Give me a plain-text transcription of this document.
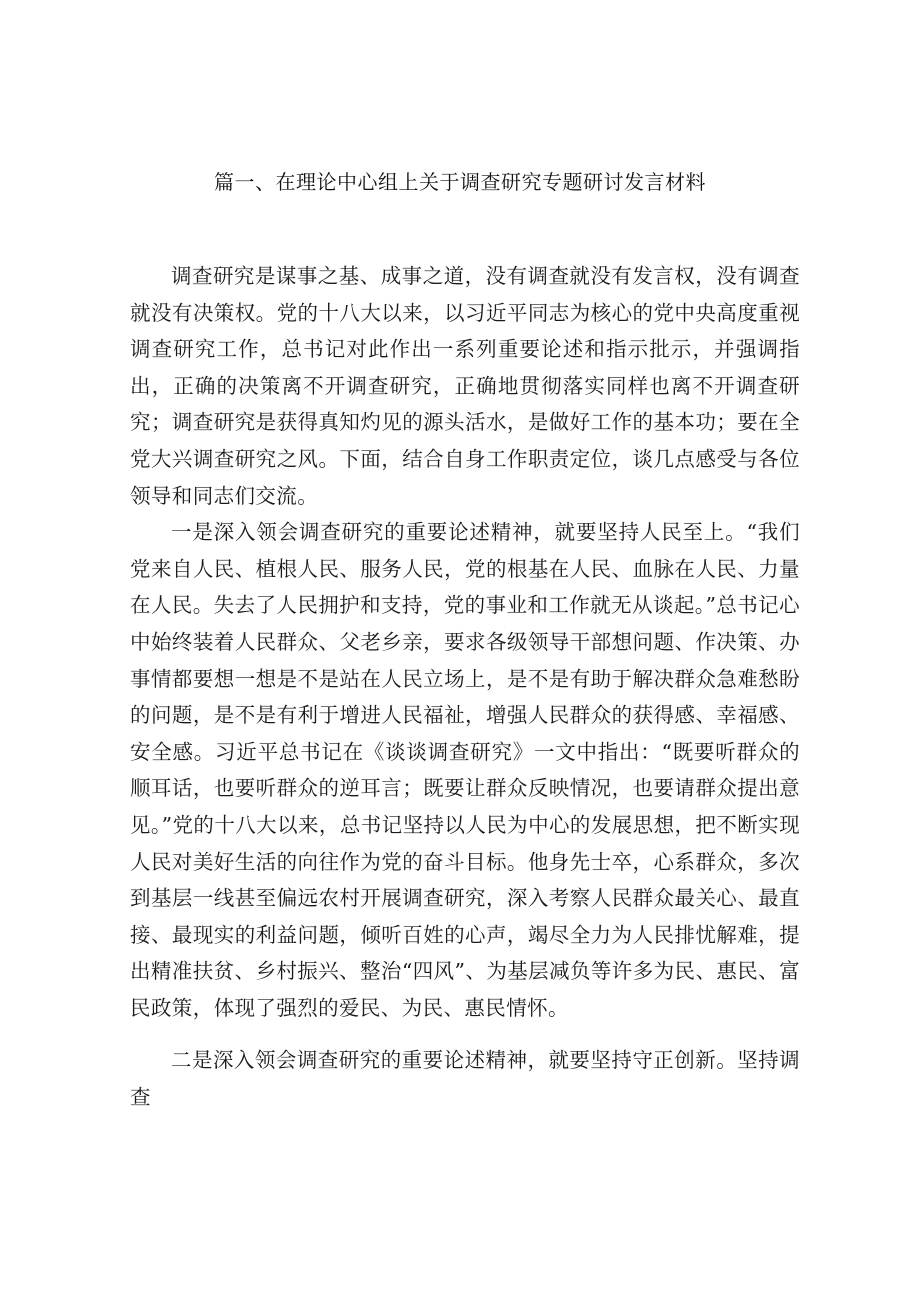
篇一、在理论中心组上关于调查研究专题研讨发言材料

调查研究是谋事之基、成事之道，没有调查就没有发言权，没有调查就没有决策权。党的十八大以来，以习近平同志为核心的党中央高度重视调查研究工作，总书记对此作出一系列重要论述和指示批示，并强调指出，正确的决策离不开调查研究，正确地贯彻落实同样也离不开调查研究；调查研究是获得真知灼见的源头活水，是做好工作的基本功；要在全党大兴调查研究之风。下面，结合自身工作职责定位，谈几点感受与各位领导和同志们交流。

一是深入领会调查研究的重要论述精神，就要坚持人民至上。“我们党来自人民、植根人民、服务人民，党的根基在人民、血脉在人民、力量在人民。失去了人民拥护和支持，党的事业和工作就无从谈起。”总书记心中始终装着人民群众、父老乡亲，要求各级领导干部想问题、作决策、办事情都要想一想是不是站在人民立场上，是不是有助于解决群众急难愁盼的问题，是不是有利于增进人民福祉，增强人民群众的获得感、幸福感、安全感。习近平总书记在《谈谈调查研究》一文中指出：“既要听群众的顺耳话，也要听群众的逆耳言；既要让群众反映情况，也要请群众提出意见。”党的十八大以来，总书记坚持以人民为中心的发展思想，把不断实现人民对美好生活的向往作为党的奋斗目标。他身先士卒，心系群众，多次到基层一线甚至偏远农村开展调查研究，深入考察人民群众最关心、最直接、最现实的利益问题，倾听百姓的心声，竭尽全力为人民排忧解难，提出精准扶贫、乡村振兴、整治“四风”、为基层减负等许多为民、惠民、富民政策，体现了强烈的爱民、为民、惠民情怀。

二是深入领会调查研究的重要论述精神，就要坚持守正创新。坚持调查
